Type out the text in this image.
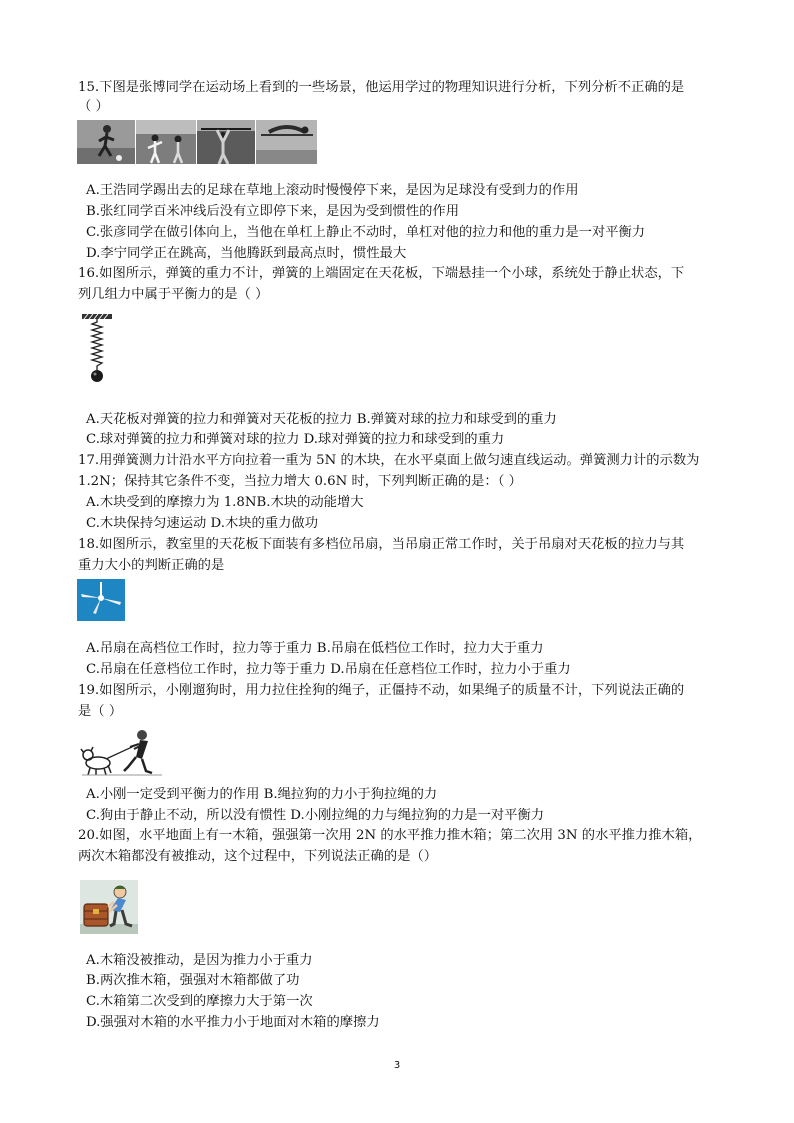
15.下图是张博同学在运动场上看到的一些场景，他运用学过的物理知识进行分析，下列分析不正确的是
（ ）
A.王浩同学踢出去的足球在草地上滚动时慢慢停下来，是因为足球没有受到力的作用
B.张红同学百米冲线后没有立即停下来，是因为受到惯性的作用
C.张彦同学在做引体向上，当他在单杠上静止不动时，单杠对他的拉力和他的重力是一对平衡力
D.李宁同学正在跳高，当他腾跃到最高点时，惯性最大
16.如图所示，弹簧的重力不计，弹簧的上端固定在天花板，下端悬挂一个小球，系统处于静止状态，下
列几组力中属于平衡力的是（ ）
A.天花板对弹簧的拉力和弹簧对天花板的拉力 B.弹簧对球的拉力和球受到的重力
C.球对弹簧的拉力和弹簧对球的拉力 D.球对弹簧的拉力和球受到的重力
17.用弹簧测力计沿水平方向拉着一重为 5N 的木块，在水平桌面上做匀速直线运动。弹簧测力计的示数为
1.2N；保持其它条件不变，当拉力增大 0.6N 时，下列判断正确的是：（ ）
A.木块受到的摩擦力为 1.8NB.木块的动能增大
C.木块保持匀速运动 D.木块的重力做功
18.如图所示，教室里的天花板下面装有多档位吊扇，当吊扇正常工作时，关于吊扇对天花板的拉力与其
重力大小的判断正确的是
A.吊扇在高档位工作时，拉力等于重力 B.吊扇在低档位工作时，拉力大于重力
C.吊扇在任意档位工作时，拉力等于重力 D.吊扇在任意档位工作时，拉力小于重力
19.如图所示，小刚遛狗时，用力拉住拴狗的绳子，正僵持不动，如果绳子的质量不计，下列说法正确的
是（ ）
A.小刚一定受到平衡力的作用 B.绳拉狗的力小于狗拉绳的力
C.狗由于静止不动，所以没有惯性 D.小刚拉绳的力与绳拉狗的力是一对平衡力
20.如图，水平地面上有一木箱，强强第一次用 2N 的水平推力推木箱；第二次用 3N 的水平推力推木箱，
两次木箱都没有被推动，这个过程中，下列说法正确的是（）
A.木箱没被推动，是因为推力小于重力
B.两次推木箱，强强对木箱都做了功
C.木箱第二次受到的摩擦力大于第一次
D.强强对木箱的水平推力小于地面对木箱的摩擦力
3
